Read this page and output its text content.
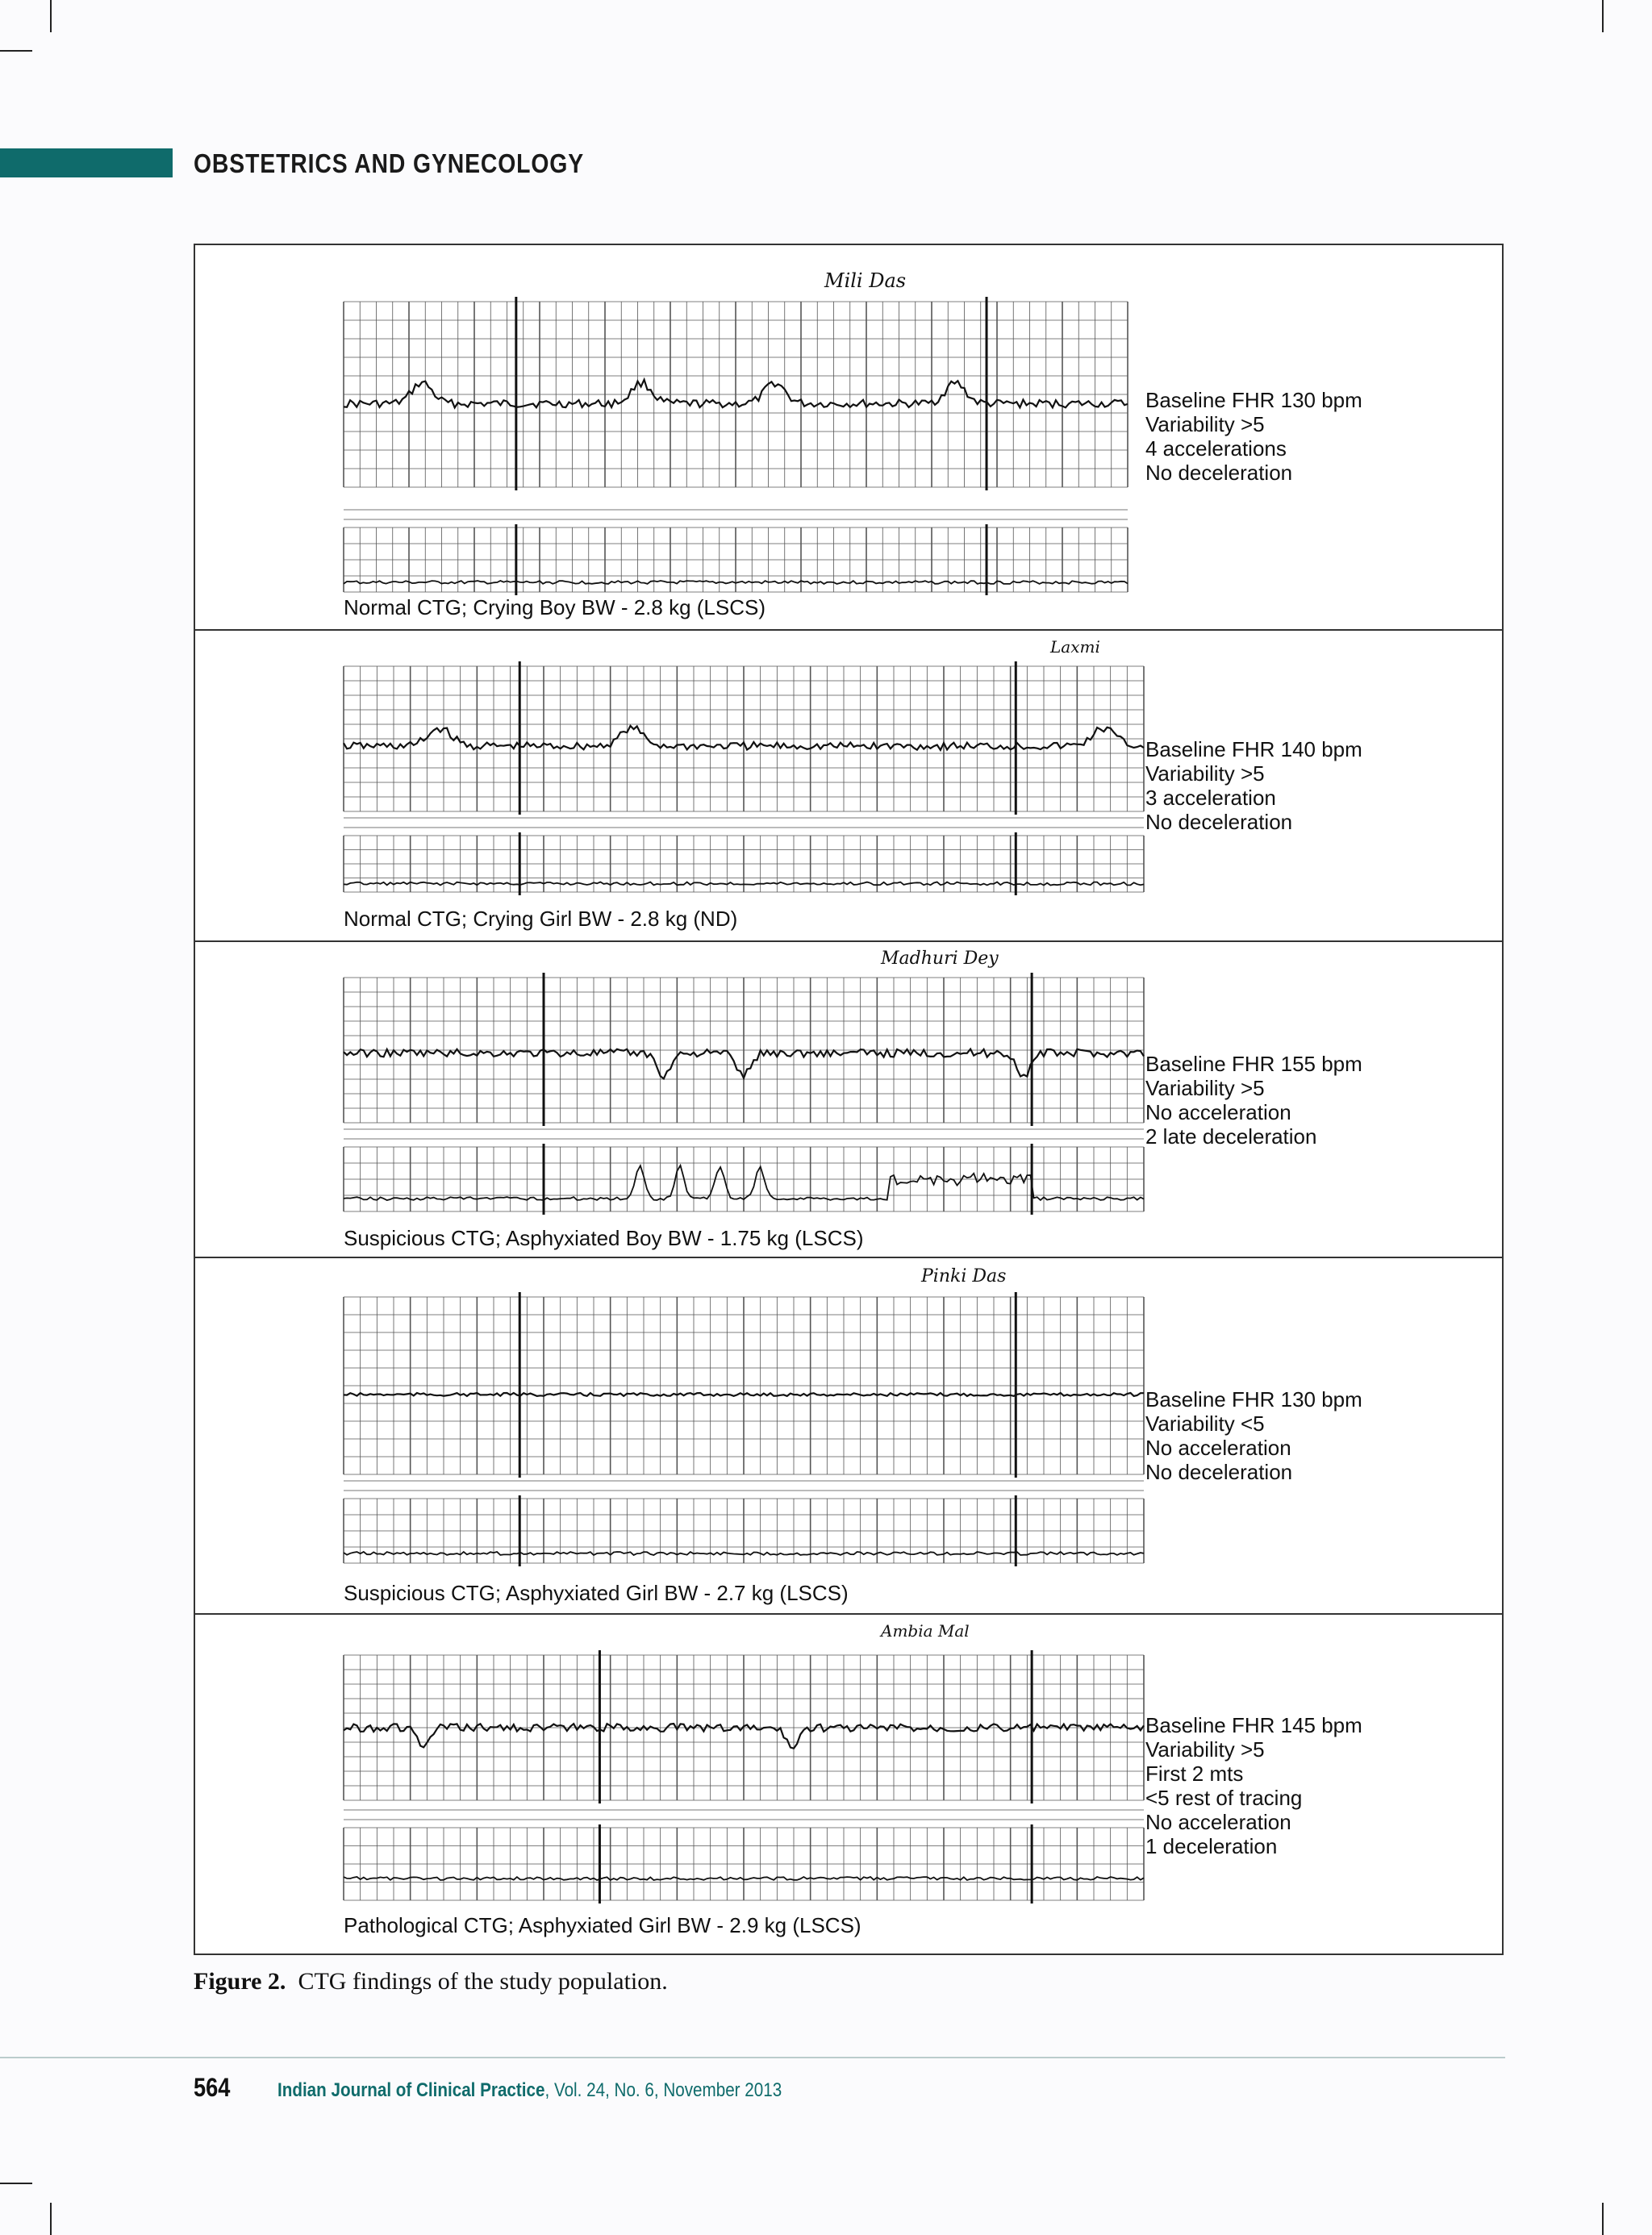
OBSTETRICS AND GYNECOLOGY
Mili Das
Baseline FHR 130 bpm
Variability >5
4 accelerations
No deceleration
Normal CTG; Crying Boy BW - 2.8 kg (LSCS)
Laxmi
Baseline FHR 140 bpm
Variability >5
3 acceleration
No deceleration
Normal CTG; Crying Girl BW - 2.8 kg (ND)
Madhuri Dey
Baseline FHR 155 bpm
Variability >5
No acceleration
2 late deceleration
Suspicious CTG; Asphyxiated Boy BW - 1.75 kg (LSCS)
Pinki Das
Baseline FHR 130 bpm
Variability <5
No acceleration
No deceleration
Suspicious CTG; Asphyxiated Girl BW - 2.7 kg (LSCS)
Ambia Mal
Baseline FHR 145 bpm
Variability >5
First 2 mts
<5 rest of tracing
No acceleration
1 deceleration
Pathological CTG; Asphyxiated Girl BW - 2.9 kg (LSCS)
Figure 2. CTG findings of the study population.
564 Indian Journal of Clinical Practice, Vol. 24, No. 6, November 2013
